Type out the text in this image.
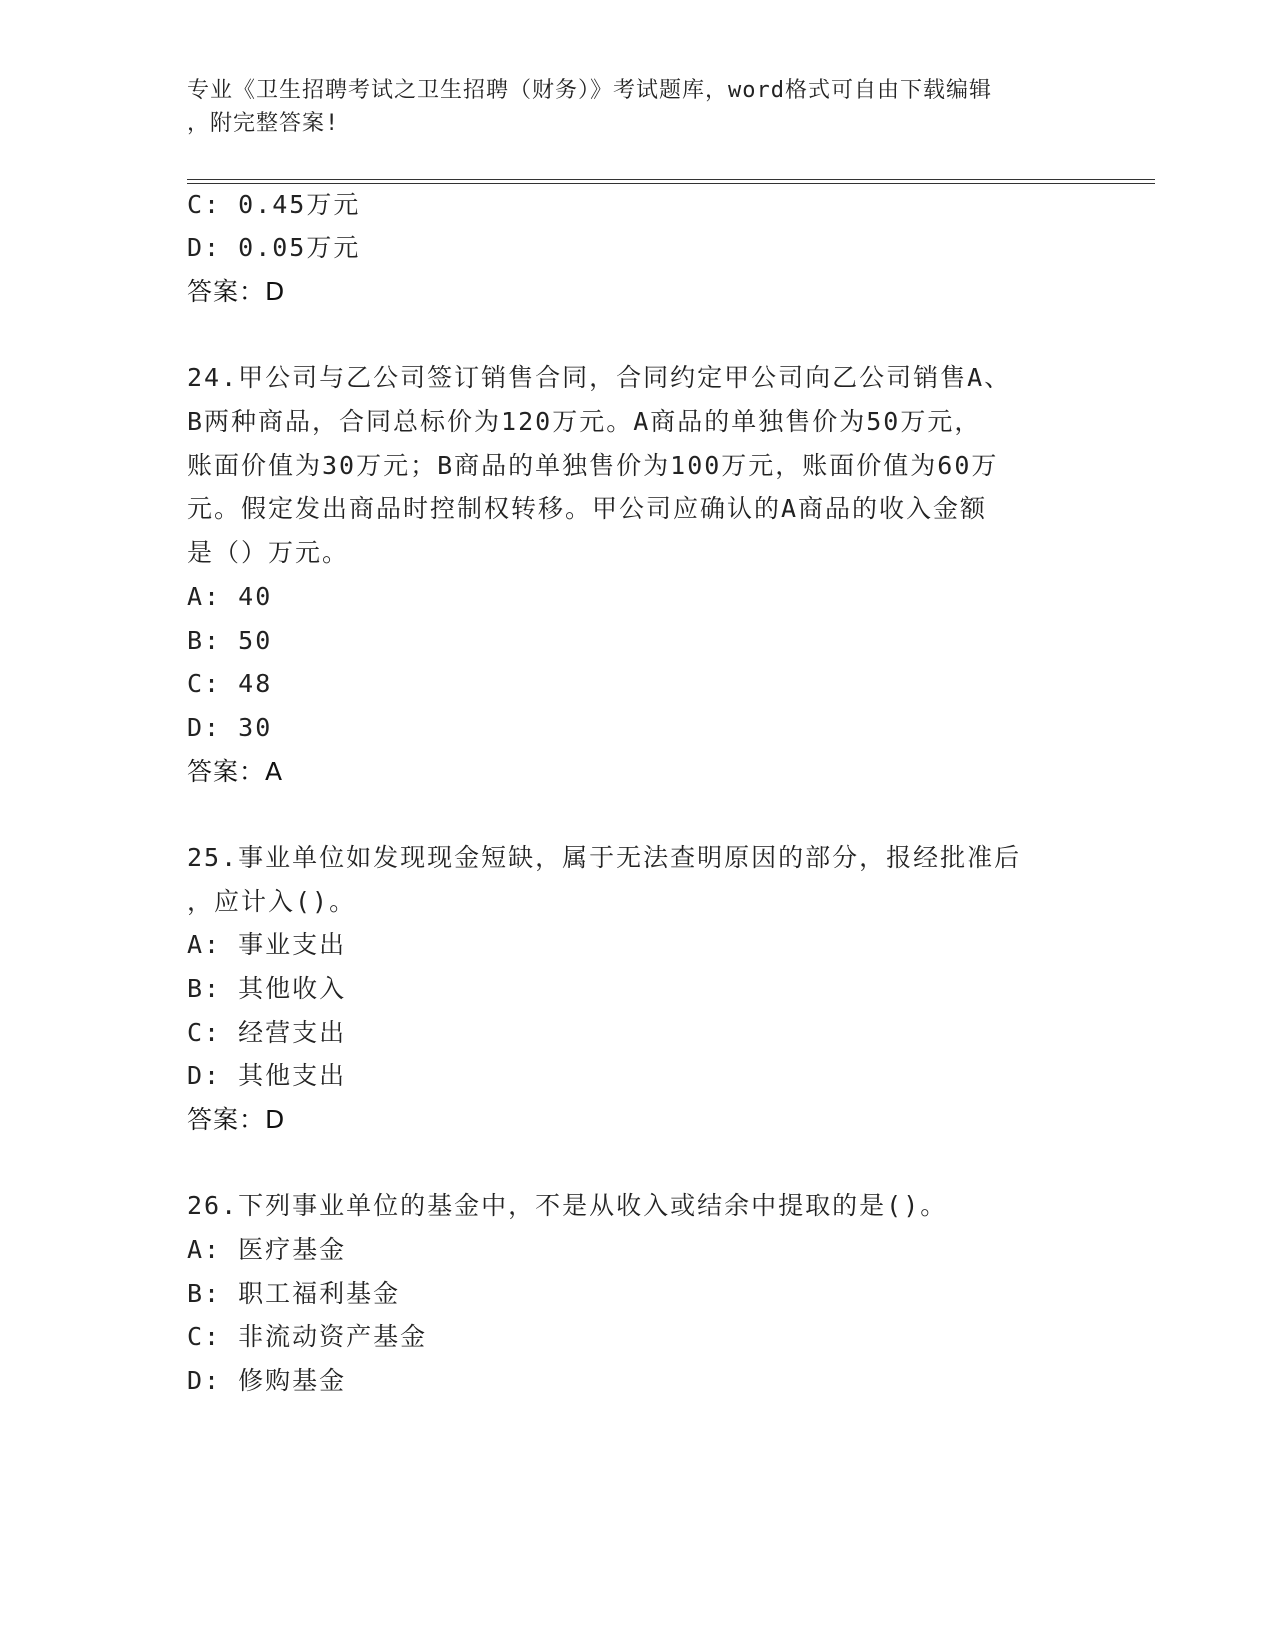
专业《卫生招聘考试之卫生招聘（财务）》考试题库，word格式可自由下载编辑
，附完整答案!
C: 0.45万元
D: 0.05万元
答案：D
24.甲公司与乙公司签订销售合同，合同约定甲公司向乙公司销售A、
B两种商品，合同总标价为120万元。A商品的单独售价为50万元，
账面价值为30万元；B商品的单独售价为100万元，账面价值为60万
元。假定发出商品时控制权转移。甲公司应确认的A商品的收入金额
是（）万元。
A: 40
B: 50
C: 48
D: 30
答案：A
25.事业单位如发现现金短缺，属于无法查明原因的部分，报经批准后
，应计入()。
A: 事业支出
B: 其他收入
C: 经营支出
D: 其他支出
答案：D
26.下列事业单位的基金中，不是从收入或结余中提取的是()。
A: 医疗基金
B: 职工福利基金
C: 非流动资产基金
D: 修购基金
